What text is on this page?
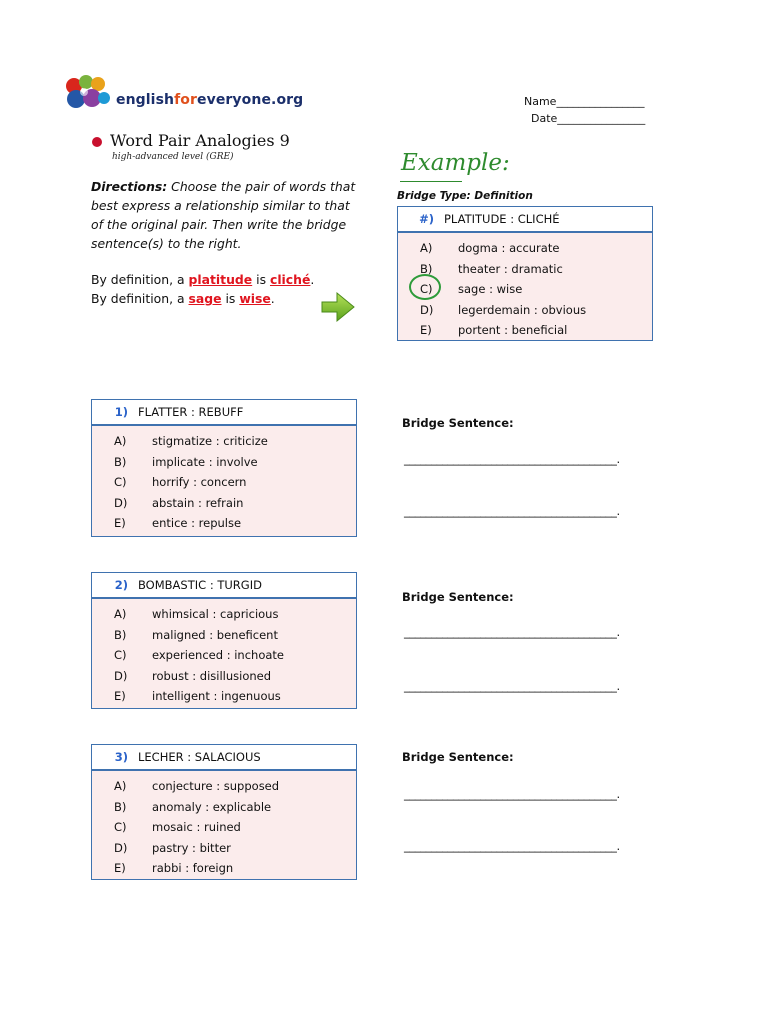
englishforeveryone.org	Name________________
Date________________
Word Pair Analogies 9
high-advanced level (GRE)
Directions: Choose the pair of words that best express a relationship similar to that of the original pair. Then write the bridge sentence(s) to the right.
By definition, a platitude is cliché.
By definition, a sage is wise.
Example:
Bridge Type: Definition
#) PLATITUDE : CLICHÉ
A)	dogma : accurate
B)	theater : dramatic
C)	sage : wise
D)	legerdemain : obvious
E)	portent : beneficial
1) FLATTER : REBUFF
A)	stigmatize : criticize
B)	implicate : involve
C)	horrify : concern
D)	abstain : refrain
E)	entice : repulse
Bridge Sentence:
_______________________________________.
_______________________________________.
2) BOMBASTIC : TURGID
A)	whimsical : capricious
B)	maligned : beneficent
C)	experienced : inchoate
D)	robust : disillusioned
E)	intelligent : ingenuous
Bridge Sentence:
_______________________________________.
_______________________________________.
3) LECHER : SALACIOUS
A)	conjecture : supposed
B)	anomaly : explicable
C)	mosaic : ruined
D)	pastry : bitter
E)	rabbi : foreign
Bridge Sentence:
_______________________________________.
_______________________________________.
